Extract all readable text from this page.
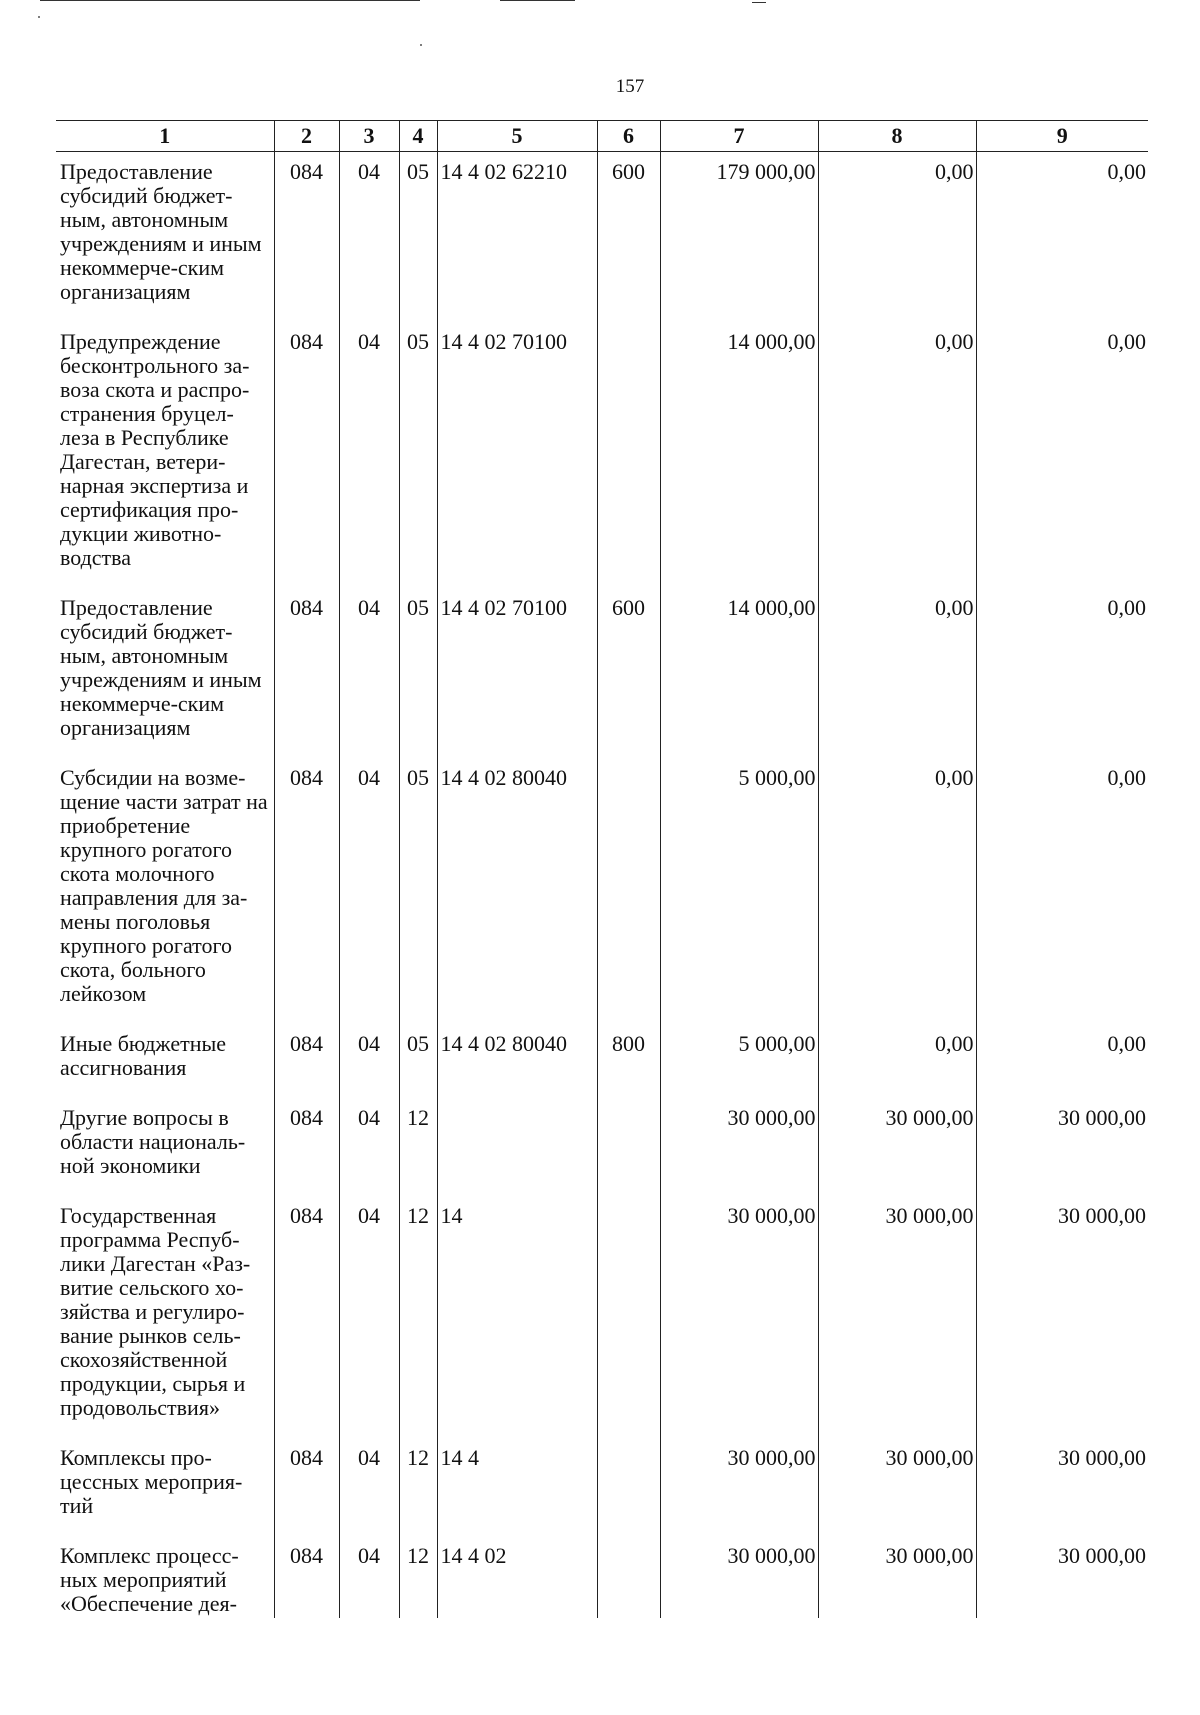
157
1	2	3	4	5	6	7	8	9
Предоставление субсидий бюджет-ным, автономным учреждениям и иным некоммерче-ским организациям	084	04	05	14 4 02 62210	600	179 000,00	0,00	0,00
Предупреждение бесконтрольного за-воза скота и распро-странения бруцел-леза в Республике Дагестан, ветери-нарная экспертиза и сертификация про-дукции животно-водства	084	04	05	14 4 02 70100		14 000,00	0,00	0,00
Предоставление субсидий бюджет-ным, автономным учреждениям и иным некоммерче-ским организациям	084	04	05	14 4 02 70100	600	14 000,00	0,00	0,00
Субсидии на возме-щение части затрат на приобретение крупного рогатого скота молочного направления для за-мены поголовья крупного рогатого скота, больного лейкозом	084	04	05	14 4 02 80040		5 000,00	0,00	0,00
Иные бюджетные ассигнования	084	04	05	14 4 02 80040	800	5 000,00	0,00	0,00
Другие вопросы в области националь-ной экономики	084	04	12			30 000,00	30 000,00	30 000,00
Государственная программа Респуб-лики Дагестан «Раз-витие сельского хо-зяйства и регулиро-вание рынков сель-скохозяйственной продукции, сырья и продовольствия»	084	04	12	14		30 000,00	30 000,00	30 000,00
Комплексы про-цессных мероприя-тий	084	04	12	14 4		30 000,00	30 000,00	30 000,00
Комплекс процесс-ных мероприятий «Обеспечение дея-	084	04	12	14 4 02		30 000,00	30 000,00	30 000,00
